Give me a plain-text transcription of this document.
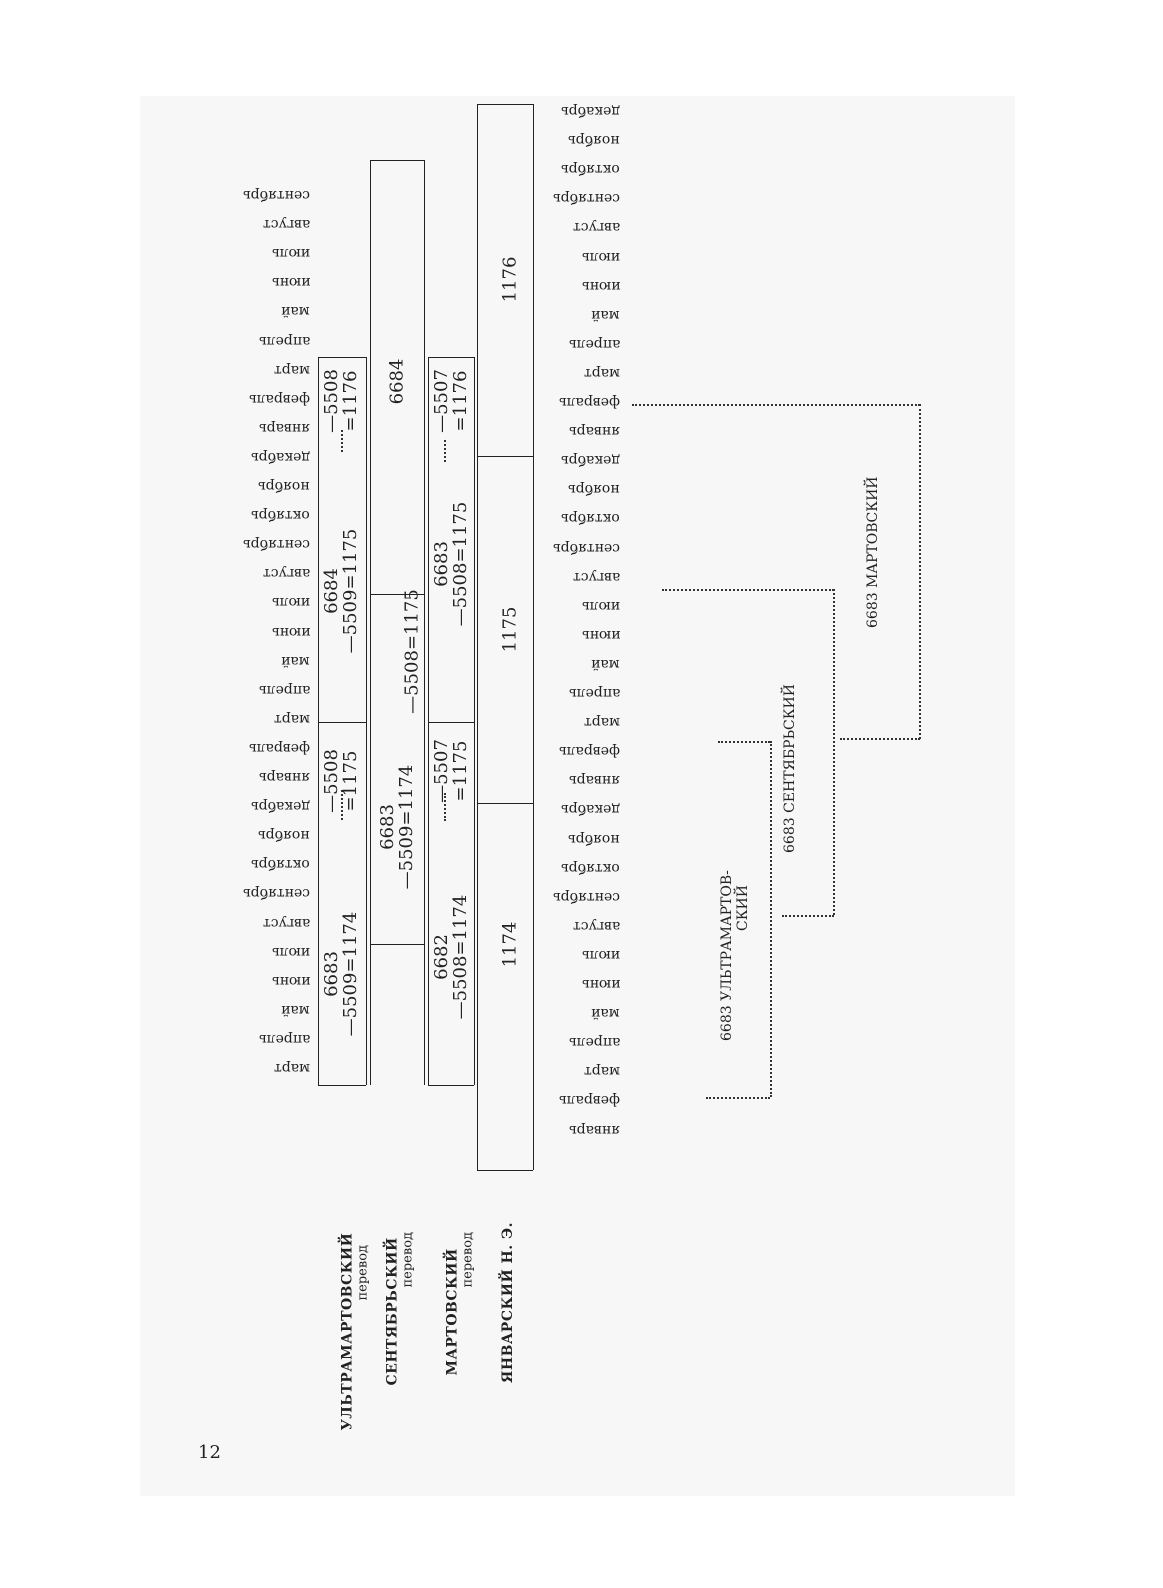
сентябрь
август
июль
июнь
май
апрель
март
февраль
январь
декабрь
ноябрь
октябрь
сентябрь
август
июль
июнь
май
апрель
март
февраль
январь
декабрь
ноябрь
октябрь
сентябрь
август
июль
июнь
май
апрель
март
декабрь
ноябрь
октябрь
сентябрь
август
июль
июнь
май
апрель
март
февраль
январь
декабрь
ноябрь
октябрь
сентябрь
август
июль
июнь
май
апрель
март
февраль
январь
декабрь
ноябрь
октябрь
сентябрь
август
июль
июнь
май
апрель
март
февраль
январь
6683
—5509=1174
—5508
=1175
6684
—5509=1175
—5508
=1176
6683
—5509=1174
—5508=1175
6684
6682
—5508=1174
—5507
=1175
6683
—5508=1175
—5507
=1176
1174
1175
1176
УЛЬТРАМАРТОВСКИЙ перевод СЕНТЯБРЬСКИЙ перевод МАРТОВСКИЙ перевод ЯНВАРСКИЙ Н. Э.
6683 УЛЬТРАМАРТОВ- СКИЙ
6683 СЕНТЯБРЬСКИЙ
6683 МАРТОВСКИЙ
12
